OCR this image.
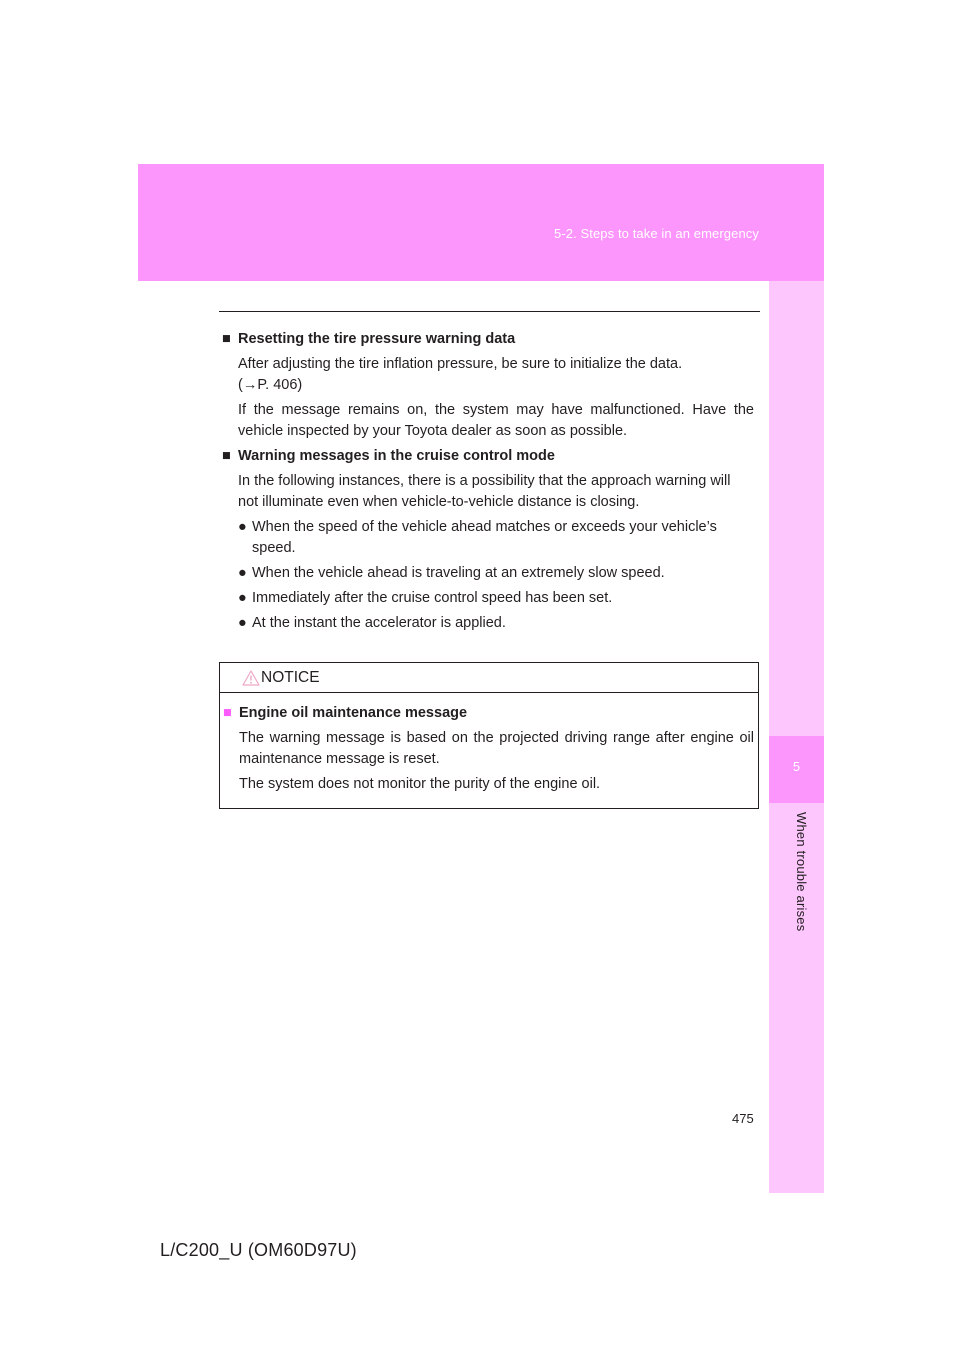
5-2. Steps to take in an emergency
5
When trouble arises

■ Resetting the tire pressure warning data

After adjusting the tire inflation pressure, be sure to initialize the data.

(→P. 406)

If the message remains on, the system may have malfunctioned. Have the vehicle inspected by your Toyota dealer as soon as possible.

■ Warning messages in the cruise control mode

In the following instances, there is a possibility that the approach warning will not illuminate even when vehicle-to-vehicle distance is closing.

● When the speed of the vehicle ahead matches or exceeds your vehicle’s speed.
● When the vehicle ahead is traveling at an extremely slow speed.
● Immediately after the cruise control speed has been set.
● At the instant the accelerator is applied.
NOTICE

■ Engine oil maintenance message

The warning message is based on the projected driving range after engine oil maintenance message is reset.

The system does not monitor the purity of the engine oil.

475
L/C200_U (OM60D97U)
